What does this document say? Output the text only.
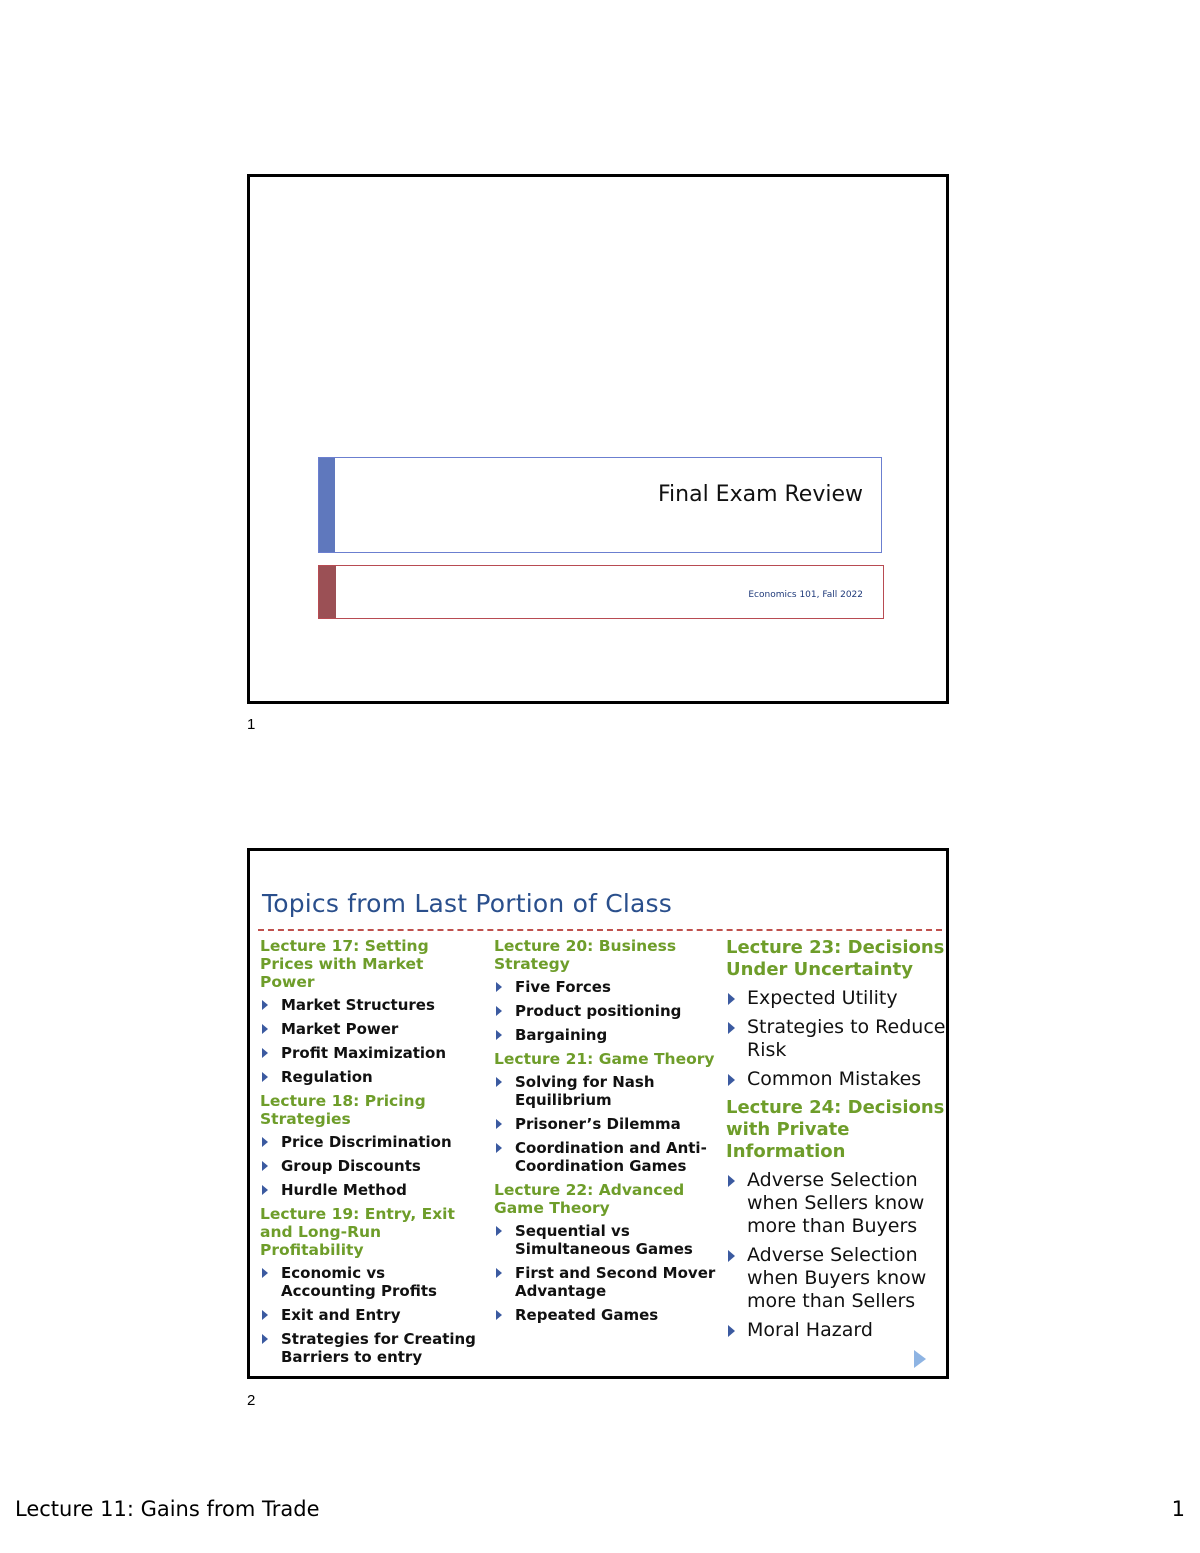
Final Exam Review
Economics 101, Fall 2022
1
Topics from Last Portion of Class
Lecture 17: Setting Prices with Market Power
Market Structures
Market Power
Profit Maximization
Regulation
Lecture 18: Pricing Strategies
Price Discrimination
Group Discounts
Hurdle Method
Lecture 19: Entry, Exit and Long-Run Profitability
Economic vs Accounting Profits
Exit and Entry
Strategies for Creating Barriers to entry
Lecture 20: Business Strategy
Five Forces
Product positioning
Bargaining
Lecture 21: Game Theory
Solving for Nash Equilibrium
Prisoner’s Dilemma
Coordination and Anti-Coordination Games
Lecture 22: Advanced Game Theory
Sequential vs Simultaneous Games
First and Second Mover Advantage
Repeated Games
Lecture 23: Decisions Under Uncertainty
Expected Utility
Strategies to Reduce Risk
Common Mistakes
Lecture 24: Decisions with Private Information
Adverse Selection when Sellers know more than Buyers
Adverse Selection when Buyers know more than Sellers
Moral Hazard
2
Lecture 11: Gains from Trade	1
